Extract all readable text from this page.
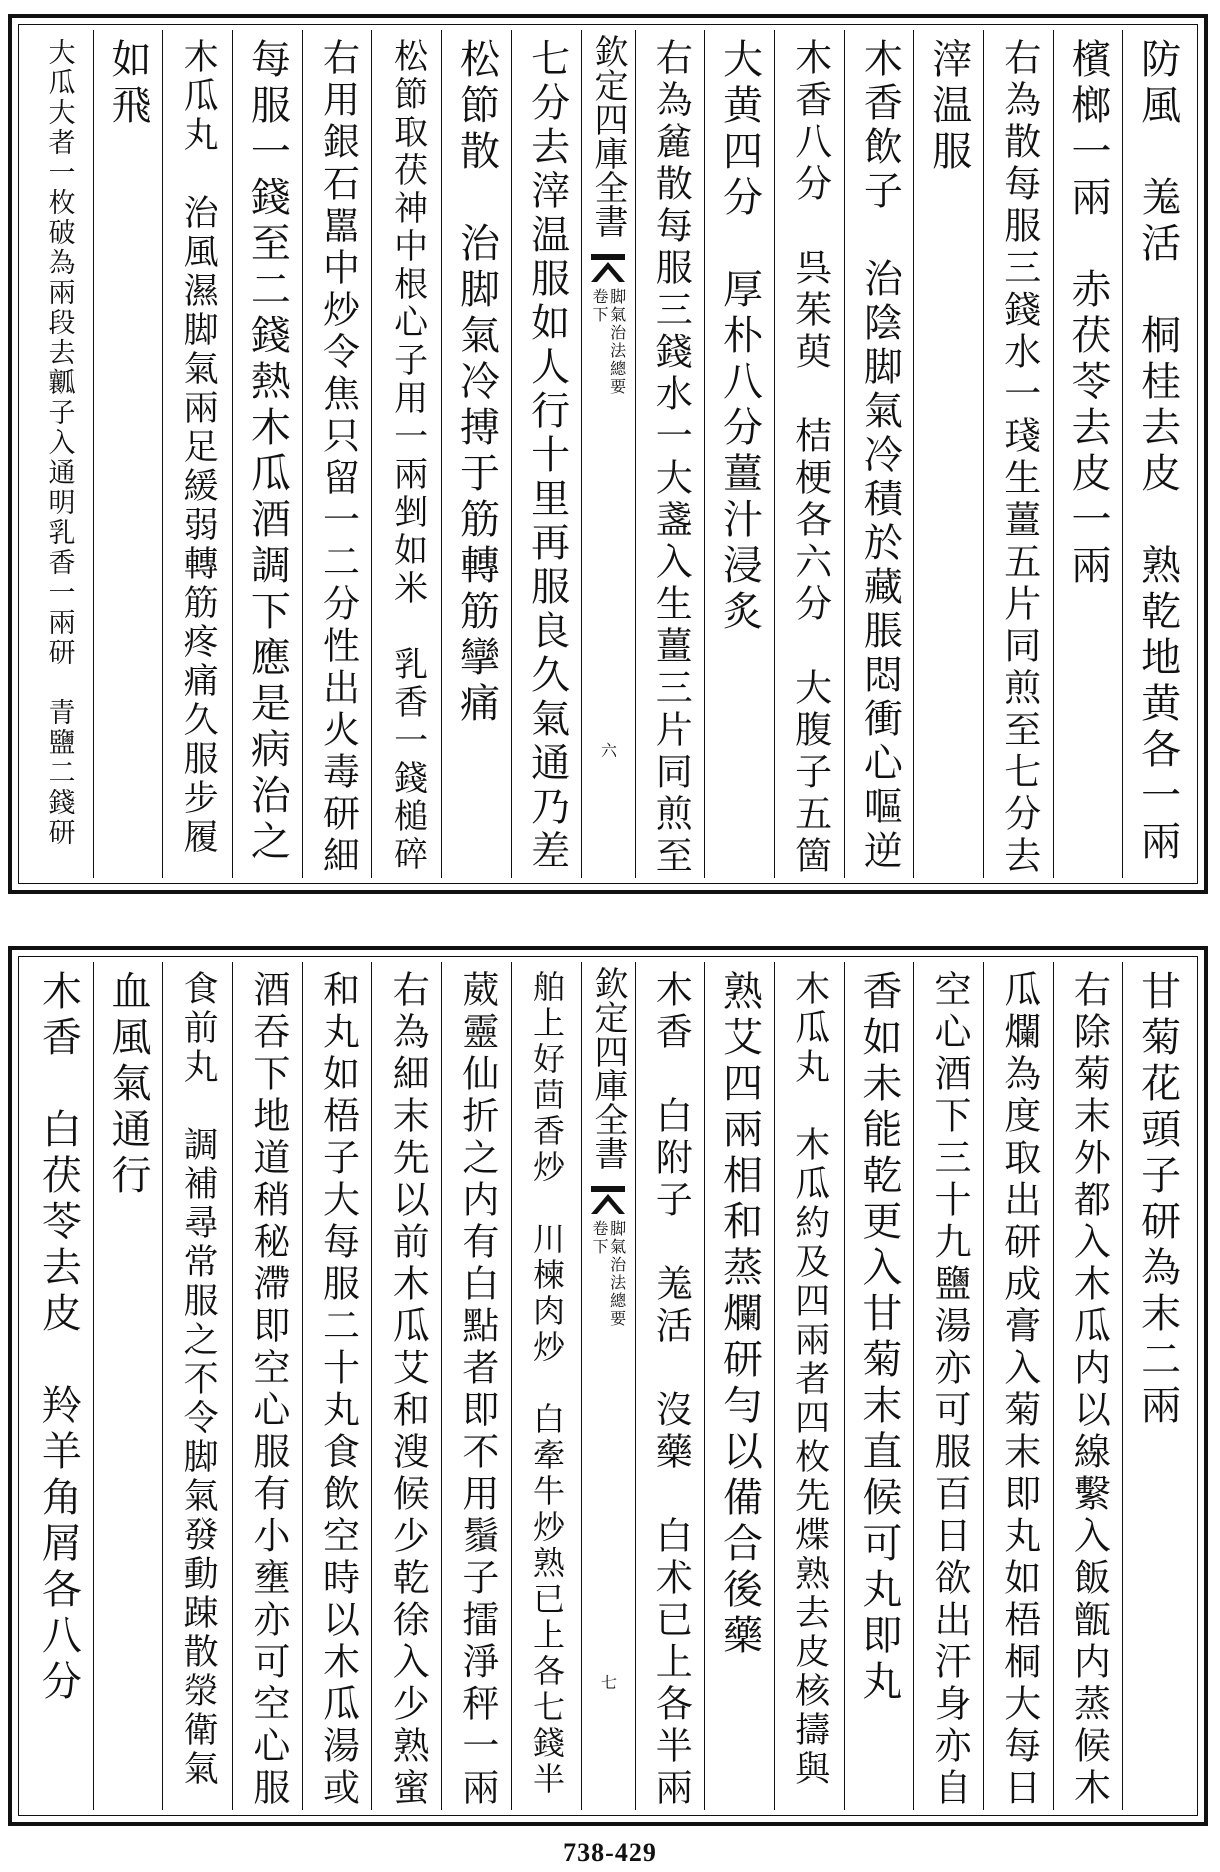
防風　羗活　桐桂去皮　熟乾地黄各一兩
檳榔一兩　赤茯苓去皮一兩
右為散每服三錢水一琖生薑五片同煎至七分去
滓温服
木香飲子　治陰脚氣冷積於藏脹悶衝心嘔逆
木香八分　呉茱萸　桔梗各六分　大腹子五箇
大黄四分　厚朴八分薑汁浸炙
右為麄散每服三錢水一大盞入生薑三片同煎至
欽定四庫全書
脚氣治法總要
卷下
六
七分去滓温服如人行十里再服良久氣通乃差
松節散　治脚氣冷搏于筋轉筋攣痛
松節取茯神中根心子用一兩剉如米　乳香一錢槌碎
右用銀石嚚中炒令焦只留一二分性出火毒研細
每服一錢至二錢熱木瓜酒調下應是病治之
木瓜丸　治風濕脚氣兩足緩弱轉筋疼痛久服步履
如飛
大瓜大者一枚破為兩段去瓤子入通明乳香一兩研　青鹽二錢研
甘菊花頭子研為末二兩
右除菊末外都入木瓜内以線繫入飯甑内蒸候木
瓜爛為度取出研成膏入菊末即丸如梧桐大每日
空心酒下三十九鹽湯亦可服百日欲出汗身亦自
香如未能乾更入甘菊末直候可丸即丸
木瓜丸　木瓜約及四兩者四枚先煠熟去皮核擣與
熟艾四兩相和蒸爛研勻以備合後藥
木香　白附子　羗活　沒藥　白术已上各半兩
欽定四庫全書
脚氣治法總要
卷下
七
舶上好茴香炒　川楝肉炒　白牽牛炒熟已上各七錢半
葳靈仙折之内有白點者即不用鬚子擂淨秤一兩
右為細末先以前木瓜艾和溲候少乾徐入少熟蜜
和丸如梧子大每服二十丸食飲空時以木瓜湯或
酒吞下地道稍秘滯即空心服有小壅亦可空心服
食前丸　調補尋常服之不令脚氣發動踈散滎衛氣
血風氣通行
木香　白茯苓去皮　羚羊角屑各八分
738-429
